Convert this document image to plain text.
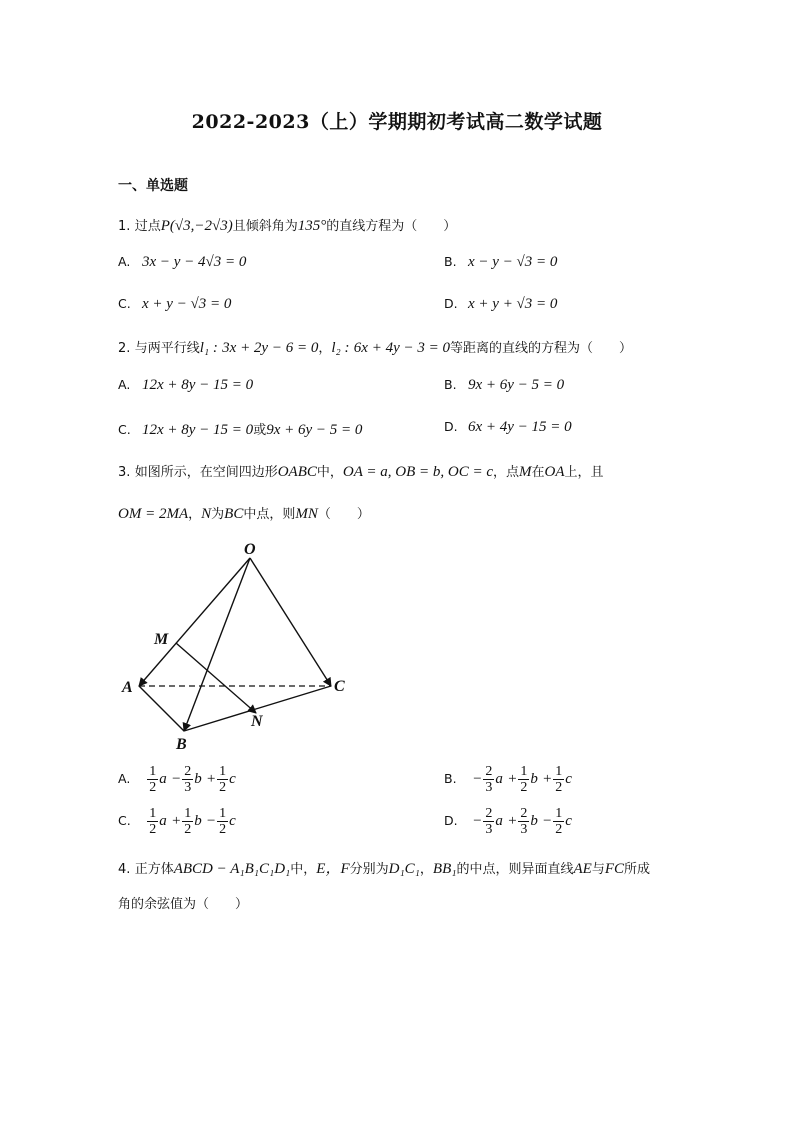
2022-2023（上）学期期初考试高二数学试题
一、单选题
1. 过点P(√3,−2√3)且倾斜角为135°的直线方程为（　　）
A. 3x − y − 4√3 = 0	B. x − y − √3 = 0
C. x + y − √3 = 0	D. x + y + √3 = 0
2. 与两平行线l₁ : 3x + 2y − 6 = 0，l₂ : 6x + 4y − 3 = 0等距离的直线的方程为（　　）
A. 12x + 8y − 15 = 0	B. 9x + 6y − 5 = 0
C. 12x + 8y − 15 = 0或9x + 6y − 5 = 0	D. 6x + 4y − 15 = 0
3. 如图所示，在空间四边形OABC中，OA = a, OB = b, OC = c，点M在OA上，且
OM = 2MA，N为BC中点，则MN（　　）
O
M
A	C
N
B
A. $\frac{1}{2}$ $a - \frac{2}{3}$ $b + \frac{1}{2}$ c	B. − $\frac{2}{3}$ $a + \frac{1}{2}$ $b + \frac{1}{2}$ c
C. $\frac{1}{2}$ $a + \frac{1}{2}$ $b - \frac{1}{2}$ c	D. − $\frac{2}{3}$ $a + \frac{2}{3}$ $b - \frac{1}{2}$ c
4. 正方体ABCD − A₁B₁C₁D₁中，E，F分别为D₁C₁，BB₁的中点，则异面直线AE与FC所成
角的余弦值为（　　）
